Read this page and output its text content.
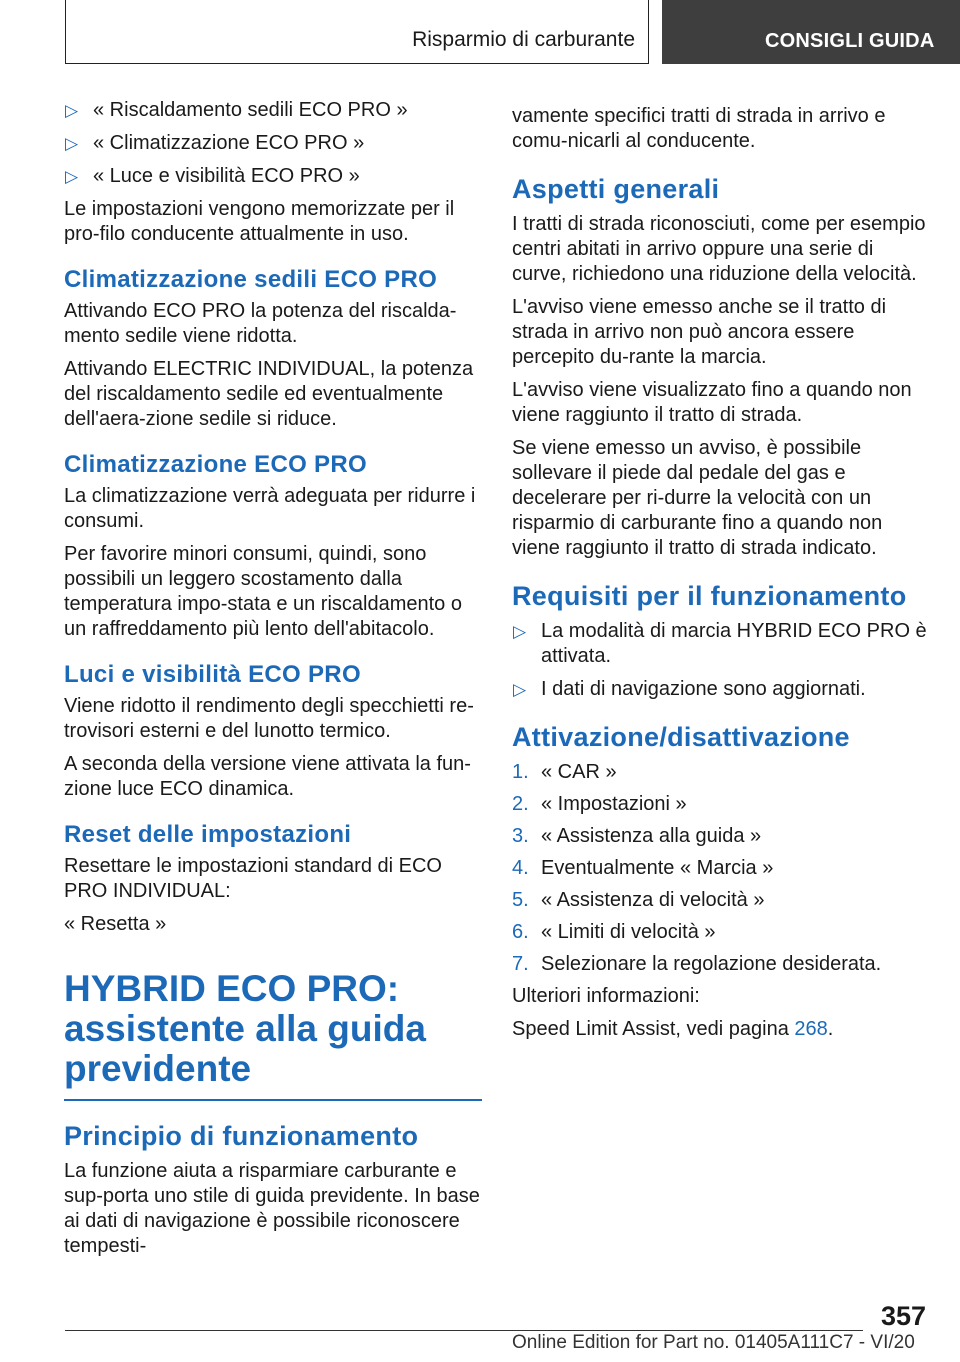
Risparmio di carburante	CONSIGLI GUIDA
▷ « Riscaldamento sedili ECO PRO »
▷ « Climatizzazione ECO PRO »
▷ « Luce e visibilità ECO PRO »

Le impostazioni vengono memorizzate per il pro-filo conducente attualmente in uso.

Climatizzazione sedili ECO PRO

Attivando ECO PRO la potenza del riscalda-mento sedile viene ridotta.

Attivando ELECTRIC INDIVIDUAL, la potenza del riscaldamento sedile ed eventualmente dell'aera-zione sedile si riduce.

Climatizzazione ECO PRO

La climatizzazione verrà adeguata per ridurre i consumi.

Per favorire minori consumi, quindi, sono possibili un leggero scostamento dalla temperatura impo-stata e un riscaldamento o un raffreddamento più lento dell'abitacolo.

Luci e visibilità ECO PRO

Viene ridotto il rendimento degli specchietti re-trovisori esterni e del lunotto termico.

A seconda della versione viene attivata la fun-zione luce ECO dinamica.

Reset delle impostazioni

Resettare le impostazioni standard di ECO PRO INDIVIDUAL:

« Resetta »

HYBRID ECO PRO: assistente alla guida previdente
Principio di funzionamento

La funzione aiuta a risparmiare carburante e sup-porta uno stile di guida previdente. In base ai dati di navigazione è possibile riconoscere tempesti-

vamente specifici tratti di strada in arrivo e comu-nicarli al conducente.

Aspetti generali

I tratti di strada riconosciuti, come per esempio centri abitati in arrivo oppure una serie di curve, richiedono una riduzione della velocità.

L'avviso viene emesso anche se il tratto di strada in arrivo non può ancora essere percepito du-rante la marcia.

L'avviso viene visualizzato fino a quando non viene raggiunto il tratto di strada.

Se viene emesso un avviso, è possibile sollevare il piede dal pedale del gas e decelerare per ri-durre la velocità con un risparmio di carburante fino a quando non viene raggiunto il tratto di strada indicato.

Requisiti per il funzionamento
▷ La modalità di marcia HYBRID ECO PRO è attivata.
▷ I dati di navigazione sono aggiornati.
Attivazione/disattivazione
1. « CAR »
2. « Impostazioni »
3. « Assistenza alla guida »
4. Eventualmente « Marcia »
5. « Assistenza di velocità »
6. « Limiti di velocità »
7. Selezionare la regolazione desiderata.

Ulteriori informazioni:

Speed Limit Assist, vedi pagina 268.

357
Online Edition for Part no. 01405A111C7 - VI/20
